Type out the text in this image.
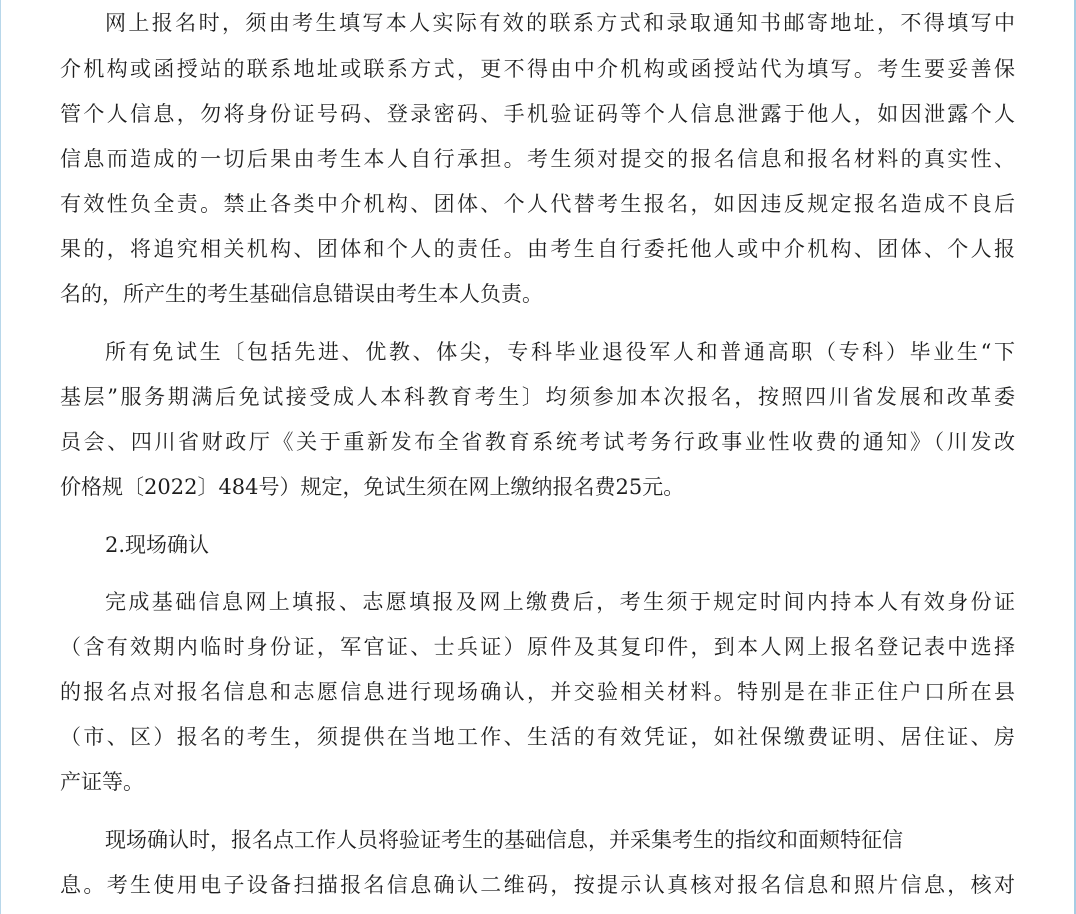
网上报名时，须由考生填写本人实际有效的联系方式和录取通知书邮寄地址，不得填写中
介机构或函授站的联系地址或联系方式，更不得由中介机构或函授站代为填写。考生要妥善保
管个人信息，勿将身份证号码、登录密码、手机验证码等个人信息泄露于他人，如因泄露个人
信息而造成的一切后果由考生本人自行承担。考生须对提交的报名信息和报名材料的真实性、
有效性负全责。禁止各类中介机构、团体、个人代替考生报名，如因违反规定报名造成不良后
果的，将追究相关机构、团体和个人的责任。由考生自行委托他人或中介机构、团体、个人报
名的，所产生的考生基础信息错误由考生本人负责。
所有免试生〔包括先进、优教、体尖，专科毕业退役军人和普通高职（专科）毕业生“下
基层”服务期满后免试接受成人本科教育考生〕均须参加本次报名，按照四川省发展和改革委
员会、四川省财政厅《关于重新发布全省教育系统考试考务行政事业性收费的通知》（川发改
价格规〔2022〕484号）规定，免试生须在网上缴纳报名费25元。
2.现场确认
完成基础信息网上填报、志愿填报及网上缴费后，考生须于规定时间内持本人有效身份证
（含有效期内临时身份证，军官证、士兵证）原件及其复印件，到本人网上报名登记表中选择
的报名点对报名信息和志愿信息进行现场确认，并交验相关材料。特别是在非正住户口所在县
（市、区）报名的考生，须提供在当地工作、生活的有效凭证，如社保缴费证明、居住证、房
产证等。
现场确认时，报名点工作人员将验证考生的基础信息，并采集考生的指纹和面颊特征信
息。考生使用电子设备扫描报名信息确认二维码，按提示认真核对报名信息和照片信息，核对
